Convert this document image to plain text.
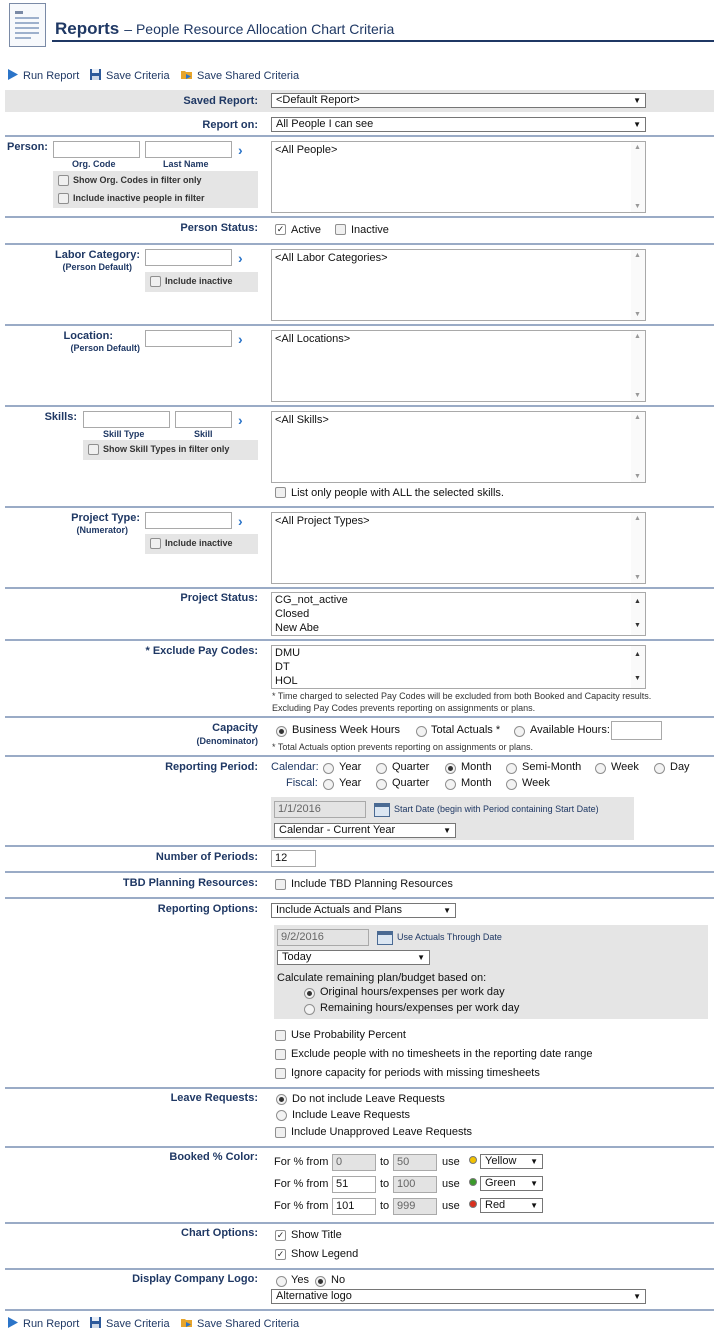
Reports – People Resource Allocation Chart Criteria
Run Report	Save Criteria	Save Shared Criteria
Saved Report:	<Default Report>	▼
Report on:	All People I can see	▼
Person:	›
Org. Code	Last Name
Show Org. Codes in filter only
Include inactive people in filter
<All People>	▲
▼
Person Status: ✓ Active	Inactive
Labor Category:
(Person Default)
›
Include inactive
<All Labor Categories>	▲
▼
Location:
(Person Default)
›	<All Locations>	▲
▼
Skills:	›
Skill Type	Skill
Show Skill Types in filter only
<All Skills>	▲
▼
List only people with ALL the selected skills.
Project Type:
(Numerator)
›
Include inactive
<All Project Types>	▲
▼
Project Status: CG_not_active
Closed
New Abe
▲
▼
* Exclude Pay Codes: DMU
DT
HOL
▲
▼
* Time charged to selected Pay Codes will be excluded from both Booked and Capacity results.
Excluding Pay Codes prevents reporting on assignments or plans.
Capacity
(Denominator)
Business Week Hours	Total Actuals *	Available Hours:
* Total Actuals option prevents reporting on assignments or plans.
Reporting Period: Calendar: Year	Quarter	Month	Semi-Month	Week	Day
Fiscal: Year	Quarter	Month	Week
1/1/2016	Start Date (begin with Period containing Start Date)
Calendar - Current Year	▼
Number of Periods:	12
TBD Planning Resources:	Include TBD Planning Resources
Reporting Options:	Include Actuals and Plans	▼
9/2/2016	Use Actuals Through Date
Today	▼
Calculate remaining plan/budget based on:
Original hours/expenses per work day
Remaining hours/expenses per work day
Use Probability Percent
Exclude people with no timesheets in the reporting date range
Ignore capacity for periods with missing timesheets
Leave Requests:	Do not include Leave Requests
Include Leave Requests
Include Unapproved Leave Requests
Booked % Color: For % from 0	to 50	use	Yellow ▼
For % from 51	to 100	use	Green ▼
For % from 101	to 999	use	Red	▼
Chart Options: ✓ Show Title
✓ Show Legend
Display Company Logo:	Yes No
Alternative logo	▼
Run Report	Save Criteria	Save Shared Criteria
